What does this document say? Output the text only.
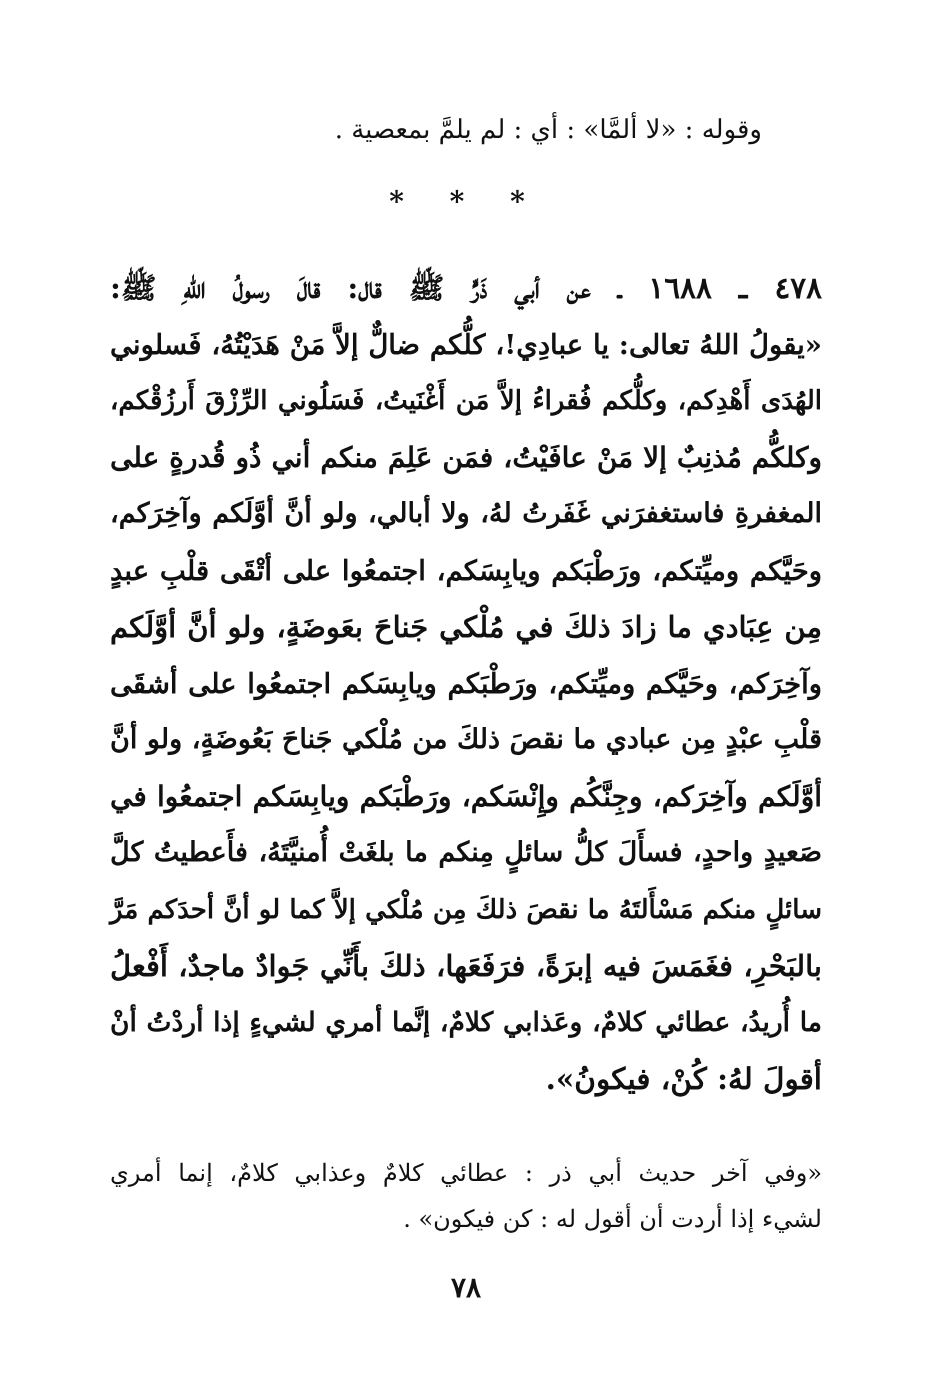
وقوله : «لا ألمَّا» : أي : لم يلمَّ بمعصية .
* * *
٤٧٨ ـ ١٦٨٨ ـ عن أبي ذَرٍّ ﷺ قال: قالَ رسولُ اللهِ ﷺ:
«يقولُ اللهُ تعالى: يا عبادِي!، كلُّكم ضالٌّ إلاَّ مَنْ هَدَيْتُهُ، فَسلوني
الهُدَى أَهْدِكم، وكلُّكم فُقراءُ إلاَّ مَن أَغْنَيتُ، فَسَلُوني الرِّزْقَ أَرزُقْكم،
وكلكُّم مُذنِبٌ إلا مَنْ عافَيْتُ، فمَن عَلِمَ منكم أني ذُو قُدرةٍ على
المغفرةِ فاستغفرَني غَفَرتُ لهُ، ولا أبالي، ولو أنَّ أوَّلَكم وآخِرَكم،
وحَيَّكم وميِّتكم، ورَطْبَكم ويابِسَكم، اجتمعُوا على أتْقَى قلْبِ عبدٍ
مِن عِبَادي ما زادَ ذلكَ في مُلْكي جَناحَ بعَوضَةٍ، ولو أنَّ أوَّلَكم
وآخِرَكم، وحَيَّكم وميِّتكم، ورَطْبَكم ويابِسَكم اجتمعُوا على أشقَى
قلْبِ عبْدٍ مِن عبادي ما نقصَ ذلكَ من مُلْكي جَناحَ بَعُوضَةٍ، ولو أنَّ
أوَّلَكم وآخِرَكم، وجِنَّكُم وإِنْسَكم، ورَطْبَكم ويابِسَكم اجتمعُوا في
صَعيدٍ واحدٍ، فسأَلَ كلُّ سائلٍ مِنكم ما بلغَتْ أُمنيَّتَهُ، فأَعطيتُ كلَّ
سائلٍ منكم مَسْأَلتَهُ ما نقصَ ذلكَ مِن مُلْكي إلاَّ كما لو أنَّ أحدَكم مَرَّ
بالبَحْرِ، فغَمَسَ فيه إبرَةً، فرَفَعَها، ذلكَ بأَنِّي جَوادٌ ماجدٌ، أَفْعلُ
ما أُريدُ، عطائي كلامٌ، وعَذابي كلامٌ، إنَّما أمري لشيءٍ إذا أردْتُ أنْ
أقولَ لهُ: كُنْ، فيكونُ».
«وفي آخر حديث أبي ذر : عطائي كلامٌ وعذابي كلامٌ، إنما أمري
لشيء إذا أردت أن أقول له : كن فيكون» .
٧٨
